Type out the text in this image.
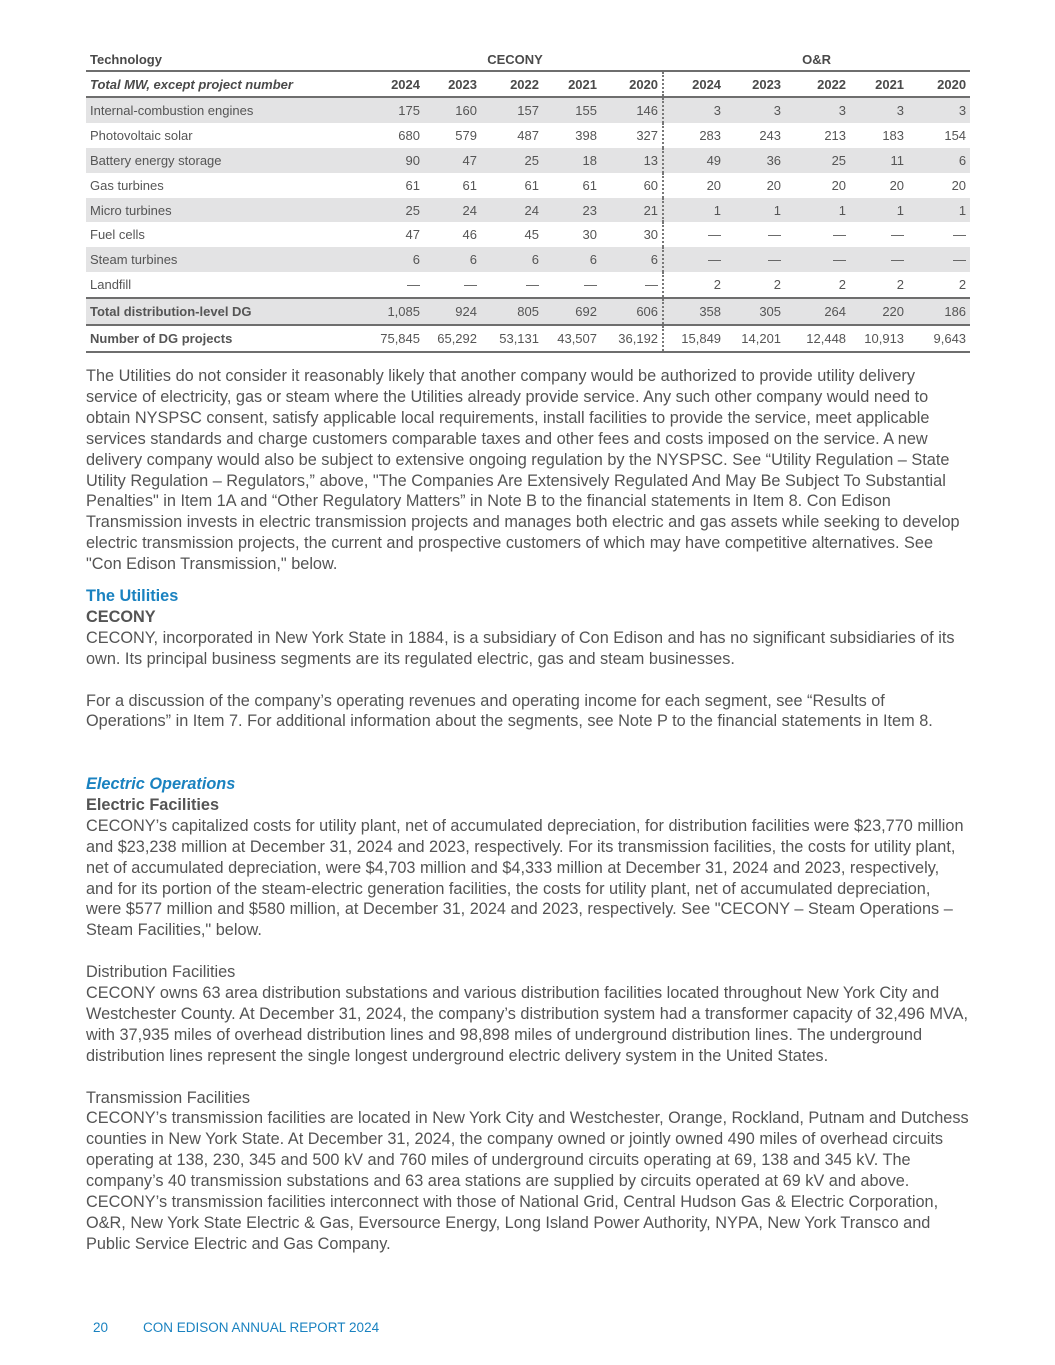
Technology	CECONY					O&R				
Total MW, except project number	2024	2023	2022	2021	2020	2024	2023	2022	2021	2020
Internal-combustion engines	175	160	157	155	146	3	3	3	3	3
Photovoltaic solar	680	579	487	398	327	283	243	213	183	154
Battery energy storage	90	47	25	18	13	49	36	25	11	6
Gas turbines	61	61	61	61	60	20	20	20	20	20
Micro turbines	25	24	24	23	21	1	1	1	1	1
Fuel cells	47	46	45	30	30	—	—	—	—	—
Steam turbines	6	6	6	6	6	—	—	—	—	—
Landfill	—	—	—	—	—	2	2	2	2	2
Total distribution-level DG	1,085	924	805	692	606	358	305	264	220	186
Number of DG projects	75,845	65,292	53,131	43,507	36,192	15,849	14,201	12,448	10,913	9,643

The Utilities do not consider it reasonably likely that another company would be authorized to provide utility delivery service of electricity, gas or steam where the Utilities already provide service. Any such other company would need to obtain NYSPSC consent, satisfy applicable local requirements, install facilities to provide the service, meet applicable services standards and charge customers comparable taxes and other fees and costs imposed on the service. A new delivery company would also be subject to extensive ongoing regulation by the NYSPSC. See “Utility Regulation – State Utility Regulation – Regulators,” above, "The Companies Are Extensively Regulated And May Be Subject To Substantial Penalties" in Item 1A and “Other Regulatory Matters” in Note B to the financial statements in Item 8. Con Edison Transmission invests in electric transmission projects and manages both electric and gas assets while seeking to develop electric transmission projects, the current and prospective customers of which may have competitive alternatives. See "Con Edison Transmission," below.

The Utilities

CECONY

CECONY, incorporated in New York State in 1884, is a subsidiary of Con Edison and has no significant subsidiaries of its own. Its principal business segments are its regulated electric, gas and steam businesses.

For a discussion of the company’s operating revenues and operating income for each segment, see “Results of Operations” in Item 7. For additional information about the segments, see Note P to the financial statements in Item 8.

Electric Operations

Electric Facilities

CECONY’s capitalized costs for utility plant, net of accumulated depreciation, for distribution facilities were $23,770 million and $23,238 million at December 31, 2024 and 2023, respectively. For its transmission facilities, the costs for utility plant, net of accumulated depreciation, were $4,703 million and $4,333 million at December 31, 2024 and 2023, respectively, and for its portion of the steam-electric generation facilities, the costs for utility plant, net of accumulated depreciation, were $577 million and $580 million, at December 31, 2024 and 2023, respectively. See "CECONY – Steam Operations – Steam Facilities," below.

Distribution Facilities

CECONY owns 63 area distribution substations and various distribution facilities located throughout New York City and Westchester County. At December 31, 2024, the company’s distribution system had a transformer capacity of 32,496 MVA, with 37,935 miles of overhead distribution lines and 98,898 miles of underground distribution lines. The underground distribution lines represent the single longest underground electric delivery system in the United States.

Transmission Facilities

CECONY’s transmission facilities are located in New York City and Westchester, Orange, Rockland, Putnam and Dutchess counties in New York State. At December 31, 2024, the company owned or jointly owned 490 miles of overhead circuits operating at 138, 230, 345 and 500 kV and 760 miles of underground circuits operating at 69, 138 and 345 kV. The company’s 40 transmission substations and 63 area stations are supplied by circuits operated at 69 kV and above. CECONY’s transmission facilities interconnect with those of National Grid, Central Hudson Gas & Electric Corporation, O&R, New York State Electric & Gas, Eversource Energy, Long Island Power Authority, NYPA, New York Transco and Public Service Electric and Gas Company.

20	CON EDISON ANNUAL REPORT 2024
